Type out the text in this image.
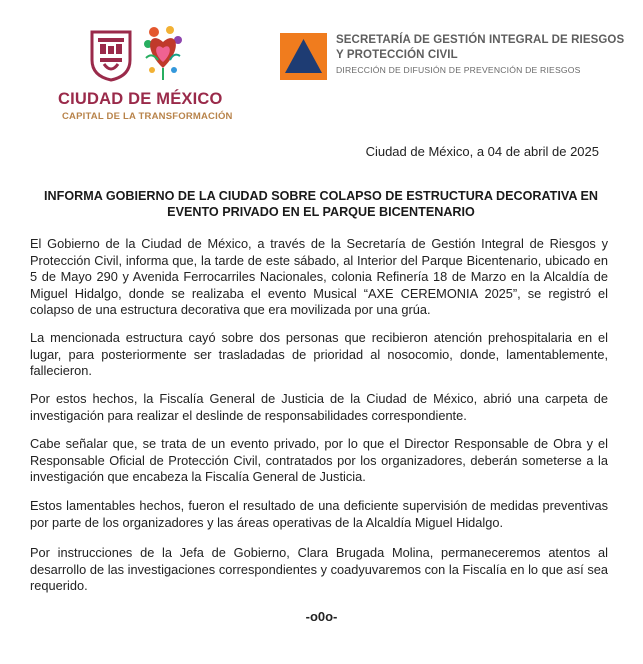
CIUDAD DE MÉXICO
CAPITAL DE LA TRANSFORMACIÓN
SECRETARÍA DE GESTIÓN INTEGRAL DE RIESGOS
Y PROTECCIÓN CIVIL
DIRECCIÓN DE DIFUSIÓN DE PREVENCIÓN DE RIESGOS
Ciudad de México, a 04 de abril de 2025
INFORMA GOBIERNO DE LA CIUDAD SOBRE COLAPSO DE ESTRUCTURA DECORATIVA EN EVENTO PRIVADO EN EL PARQUE BICENTENARIO
El Gobierno de la Ciudad de México, a través de la Secretaría de Gestión Integral de Riesgos y Protección Civil, informa que, la tarde de este sábado, al Interior del Parque Bicentenario, ubicado en 5 de Mayo 290 y Avenida Ferrocarriles Nacionales, colonia Refinería 18 de Marzo en la Alcaldía de Miguel Hidalgo, donde se realizaba el evento Musical “AXE CEREMONIA 2025”, se registró el colapso de una estructura decorativa que era movilizada por una grúa.
La mencionada estructura cayó sobre dos personas que recibieron atención prehospitalaria en el lugar, para posteriormente ser trasladadas de prioridad al nosocomio, donde, lamentablemente, fallecieron.
Por estos hechos, la Fiscalía General de Justicia de la Ciudad de México, abrió una carpeta de investigación para realizar el deslinde de responsabilidades correspondiente.
Cabe señalar que, se trata de un evento privado, por lo que el Director Responsable de Obra y el Responsable Oficial de Protección Civil, contratados por los organizadores, deberán someterse a la investigación que encabeza la Fiscalía General de Justicia.
Estos lamentables hechos, fueron el resultado de una deficiente supervisión de medidas preventivas por parte de los organizadores y las áreas operativas de la Alcaldía Miguel Hidalgo.
Por instrucciones de la Jefa de Gobierno, Clara Brugada Molina, permaneceremos atentos al desarrollo de las investigaciones correspondientes y coadyuvaremos con la Fiscalía en lo que así sea requerido.
-o0o-
